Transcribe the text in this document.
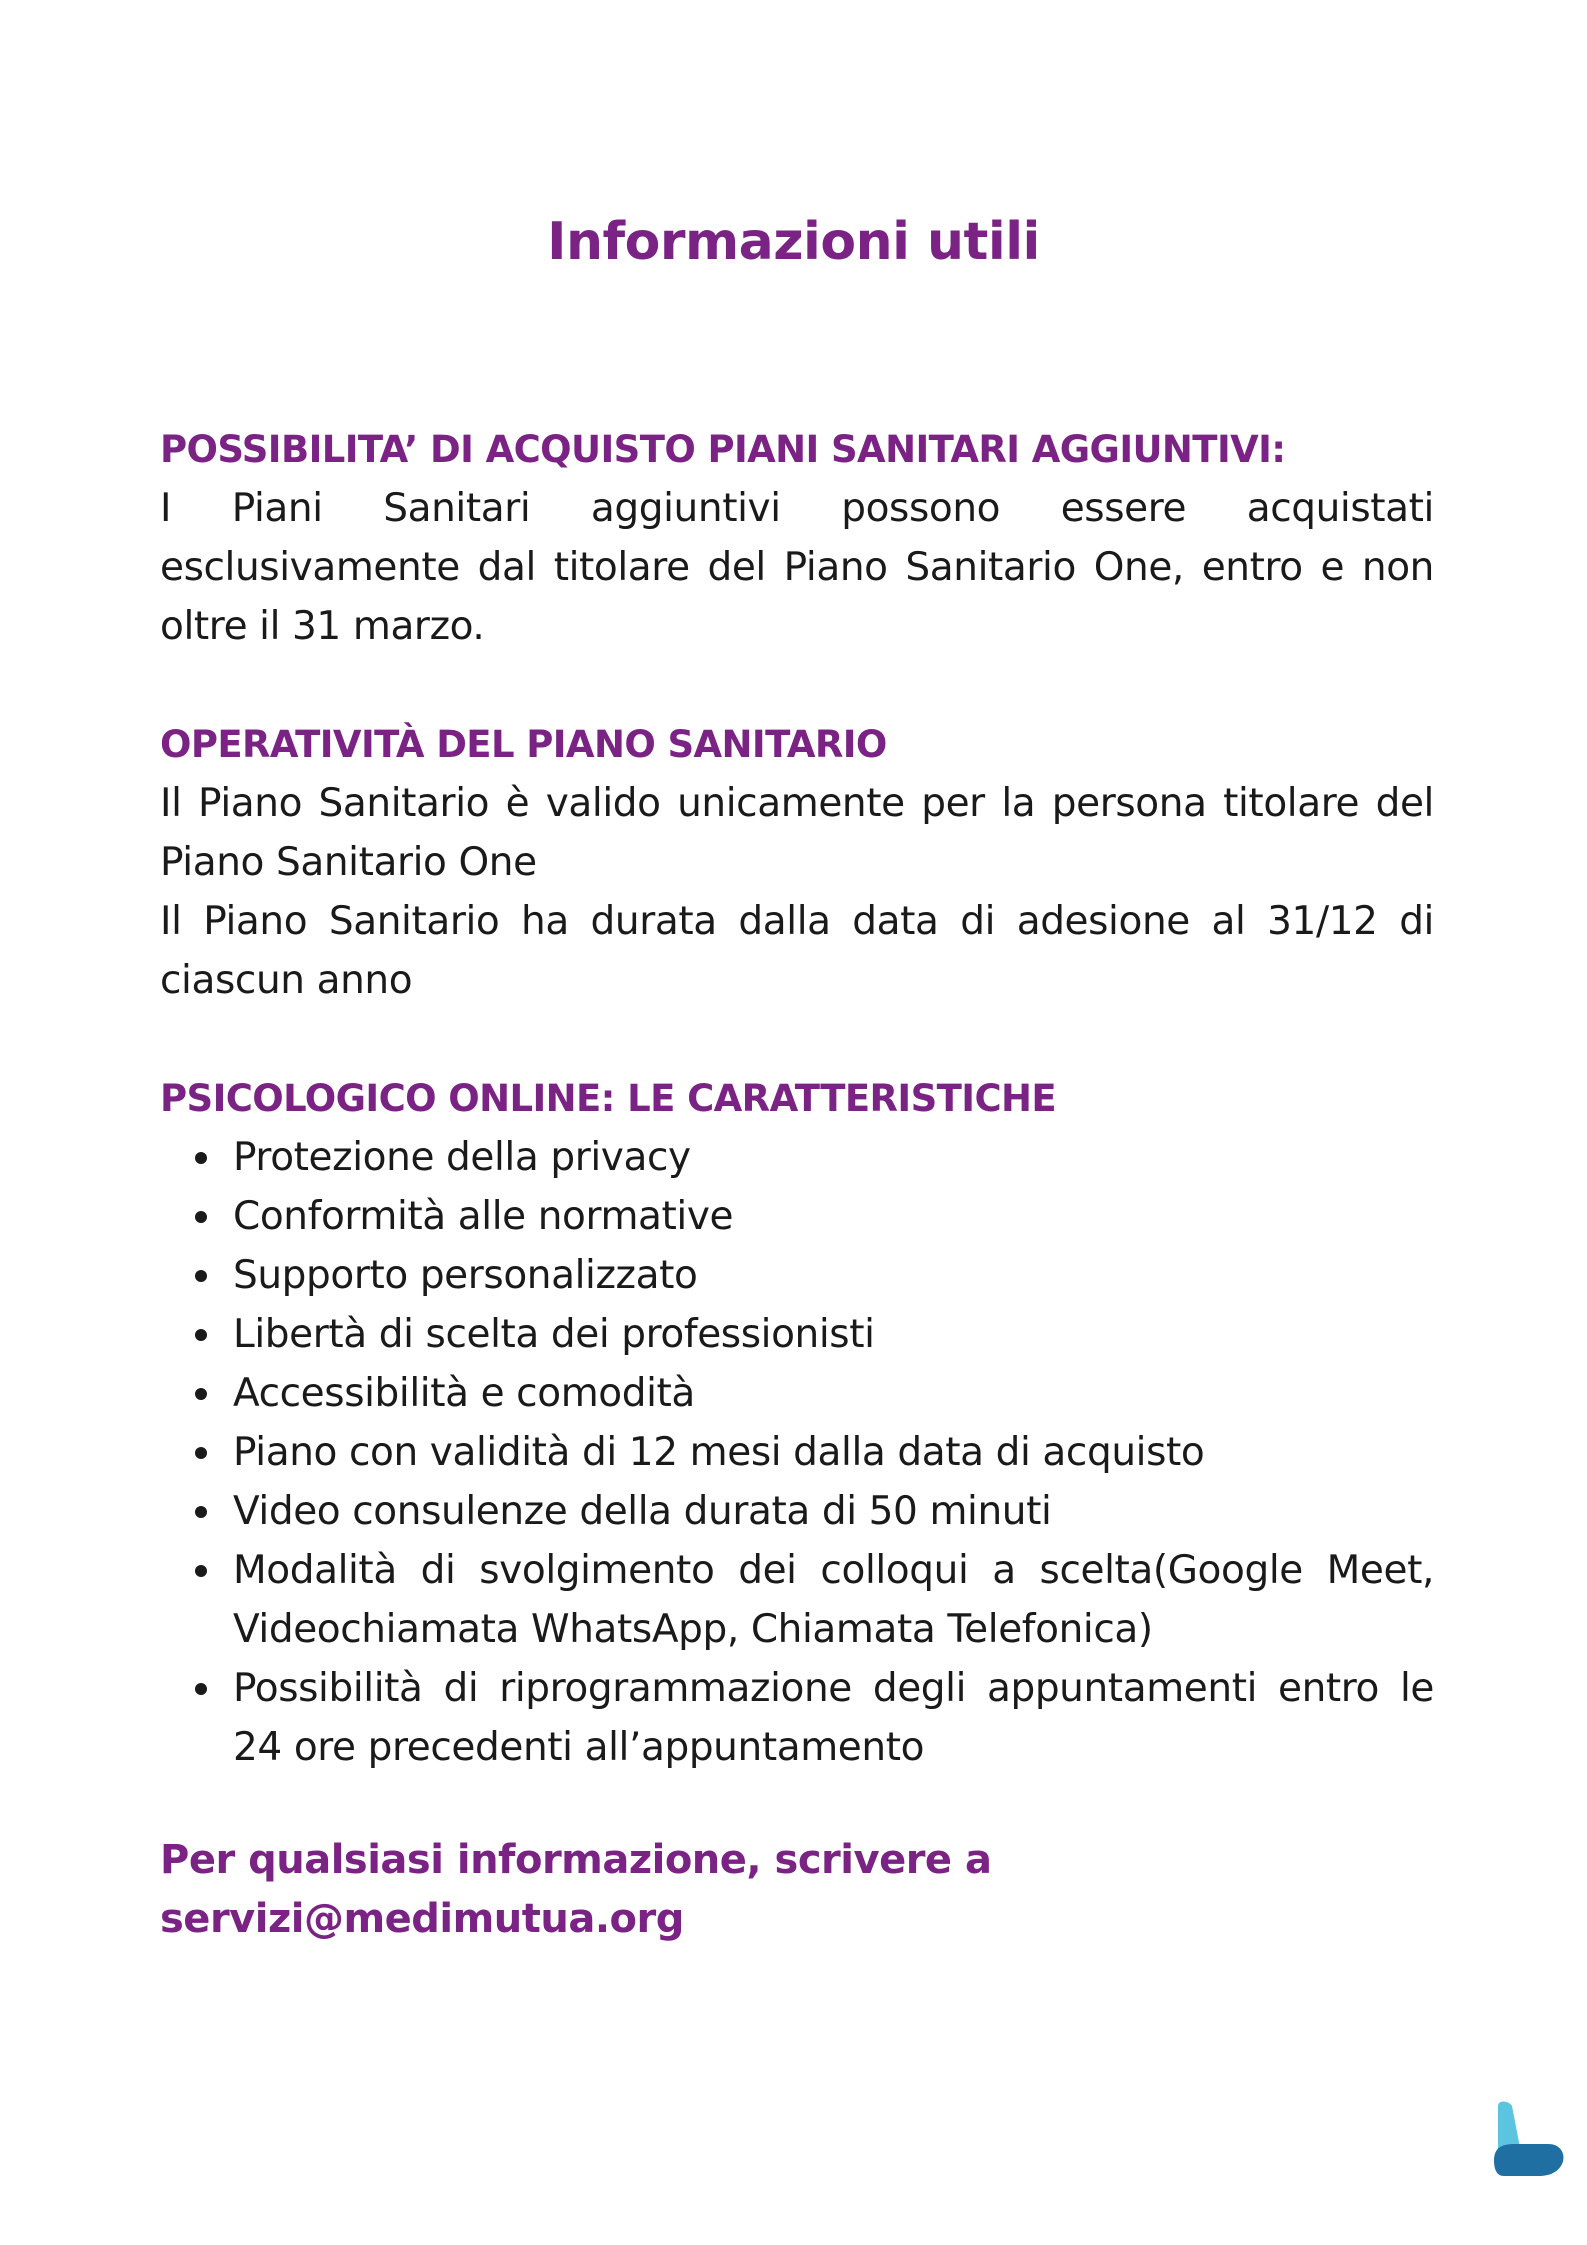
Informazioni utili

POSSIBILITA’ DI ACQUISTO PIANI SANITARI AGGIUNTIVI:

I Piani Sanitari aggiuntivi possono essere acquistati esclusivamente dal titolare del Piano Sanitario One, entro e non oltre il 31 marzo.

OPERATIVITÀ DEL PIANO SANITARIO

Il Piano Sanitario è valido unicamente per la persona titolare del Piano Sanitario One

Il Piano Sanitario ha durata dalla data di adesione al 31/12 di ciascun anno

PSICOLOGICO ONLINE: LE CARATTERISTICHE

Protezione della privacy
Conformità alle normative
Supporto personalizzato
Libertà di scelta dei professionisti
Accessibilità e comodità
Piano con validità di 12 mesi dalla data di acquisto
Video consulenze della durata di 50 minuti
Modalità di svolgimento dei colloqui a scelta(Google Meet, Videochiamata WhatsApp, Chiamata Telefonica)
Possibilità di riprogrammazione degli appuntamenti entro le 24 ore precedenti all’appuntamento

Per qualsiasi informazione, scrivere a

servizi@medimutua.org
